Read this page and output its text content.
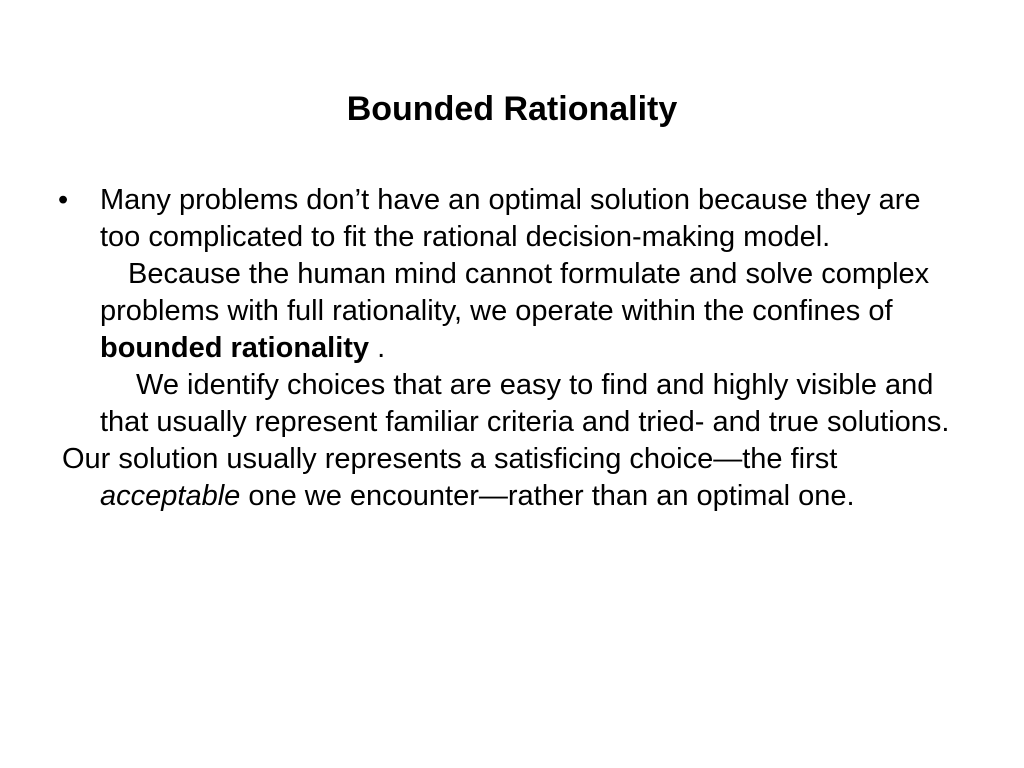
Bounded Rationality
• Many problems don’t have an optimal solution because they are too complicated to fit the rational decision-making model.

Because the human mind cannot formulate and solve complex problems with full rationality, we operate within the confines of bounded rationality .

We identify choices that are easy to find and highly visible and that usually represent familiar criteria and tried- and true solutions.

Our solution usually represents a satisficing choice—the first acceptable one we encounter—rather than an optimal one.
